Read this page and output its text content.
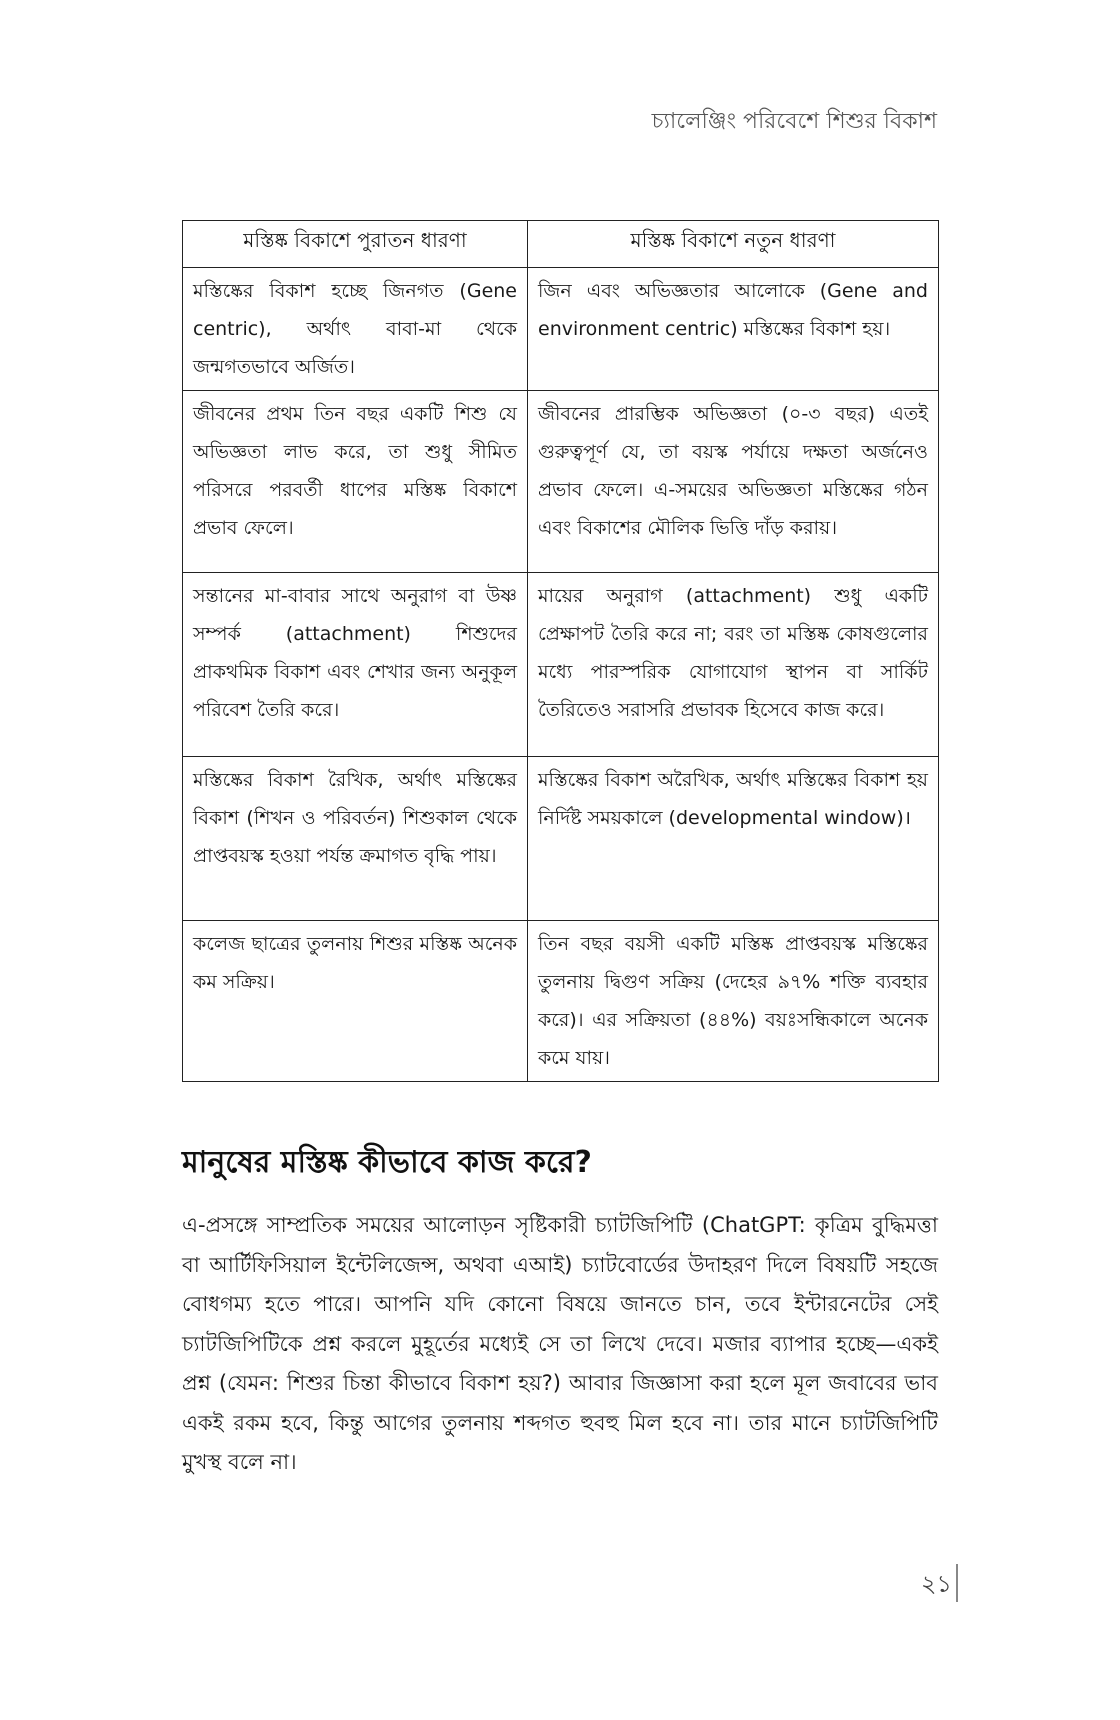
চ্যালেঞ্জিং পরিবেশে শিশুর বিকাশ
মস্তিষ্ক বিকাশে পুরাতন ধারণা	মস্তিষ্ক বিকাশে নতুন ধারণা
মস্তিষ্কের বিকাশ হচ্ছে জিনগত (Gene centric), অর্থাৎ বাবা-মা থেকে জন্মগতভাবে অর্জিত।	জিন এবং অভিজ্ঞতার আলোকে (Gene and environment centric) মস্তিষ্কের বিকাশ হয়।
জীবনের প্রথম তিন বছর একটি শিশু যে অভিজ্ঞতা লাভ করে, তা শুধু সীমিত পরিসরে পরবর্তী ধাপের মস্তিষ্ক বিকাশে প্রভাব ফেলে।	জীবনের প্রারম্ভিক অভিজ্ঞতা (০-৩ বছর) এতই গুরুত্বপূর্ণ যে, তা বয়স্ক পর্যায়ে দক্ষতা অর্জনেও প্রভাব ফেলে। এ-সময়ের অভিজ্ঞতা মস্তিষ্কের গঠন এবং বিকাশের মৌলিক ভিত্তি দাঁড় করায়।
সন্তানের মা-বাবার সাথে অনুরাগ বা উষ্ণ সম্পর্ক (attachment) শিশুদের প্রাকথমিক বিকাশ এবং শেখার জন্য অনুকূল পরিবেশ তৈরি করে।	মায়ের অনুরাগ (attachment) শুধু একটি প্রেক্ষাপট তৈরি করে না; বরং তা মস্তিষ্ক কোষগুলোর মধ্যে পারস্পরিক যোগাযোগ স্থাপন বা সার্কিট তৈরিতেও সরাসরি প্রভাবক হিসেবে কাজ করে।
মস্তিষ্কের বিকাশ রৈখিক, অর্থাৎ মস্তিষ্কের বিকাশ (শিখন ও পরিবর্তন) শিশুকাল থেকে প্রাপ্তবয়স্ক হওয়া পর্যন্ত ক্রমাগত বৃদ্ধি পায়।	মস্তিষ্কের বিকাশ অরৈখিক, অর্থাৎ মস্তিষ্কের বিকাশ হয় নির্দিষ্ট সময়কালে (developmental window)।
কলেজ ছাত্রের তুলনায় শিশুর মস্তিষ্ক অনেক কম সক্রিয়।	তিন বছর বয়সী একটি মস্তিষ্ক প্রাপ্তবয়স্ক মস্তিষ্কের তুলনায় দ্বিগুণ সক্রিয় (দেহের ৯৭% শক্তি ব্যবহার করে)। এর সক্রিয়তা (৪৪%) বয়ঃসন্ধিকালে অনেক কমে যায়।
মানুষের মস্তিষ্ক কীভাবে কাজ করে?

এ-প্রসঙ্গে সাম্প্রতিক সময়ের আলোড়ন সৃষ্টিকারী চ্যাটজিপিটি (ChatGPT: কৃত্রিম বুদ্ধিমত্তা বা আর্টিফিসিয়াল ইন্টেলিজেন্স, অথবা এআই) চ্যাটবোর্ডের উদাহরণ দিলে বিষয়টি সহজে বোধগম্য হতে পারে। আপনি যদি কোনো বিষয়ে জানতে চান, তবে ইন্টারনেটের সেই চ্যাটজিপিটিকে প্রশ্ন করলে মুহূর্তের মধ্যেই সে তা লিখে দেবে। মজার ব্যাপার হচ্ছে—একই প্রশ্ন (যেমন: শিশুর চিন্তা কীভাবে বিকাশ হয়?) আবার জিজ্ঞাসা করা হলে মূল জবাবের ভাব একই রকম হবে, কিন্তু আগের তুলনায় শব্দগত হুবহু মিল হবে না। তার মানে চ্যাটজিপিটি মুখস্থ বলে না।

২১
